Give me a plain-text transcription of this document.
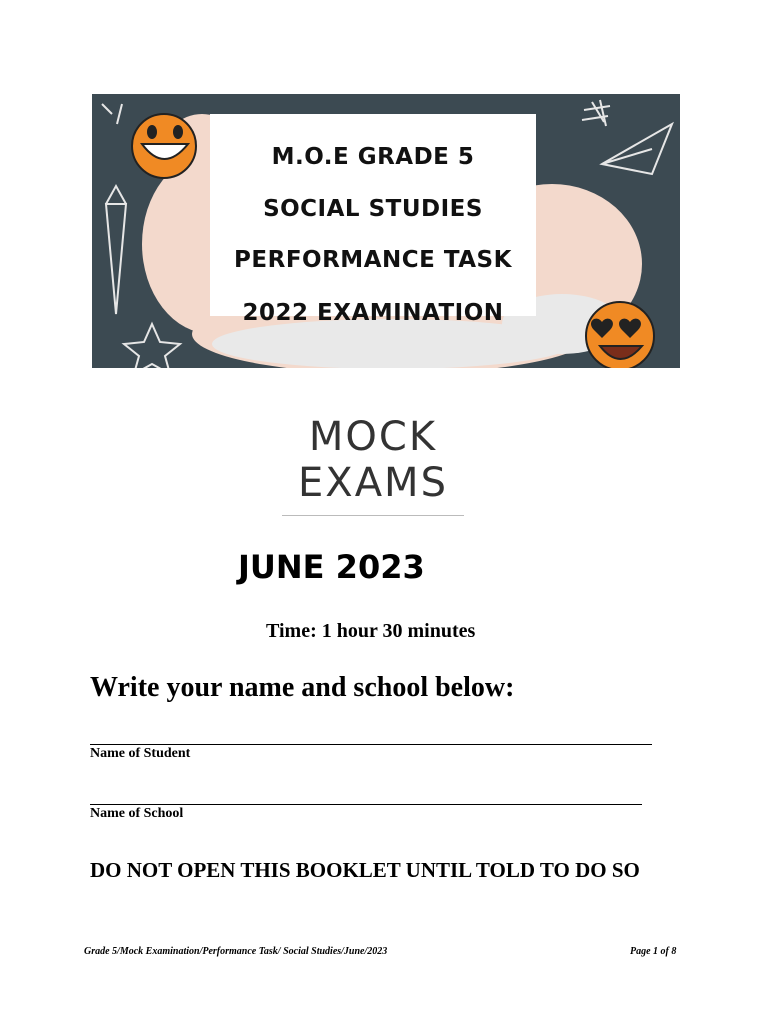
M.O.E GRADE 5
SOCIAL STUDIES
PERFORMANCE TASK
2022 EXAMINATION
MOCK
EXAMS
JUNE 2023
Time: 1 hour 30 minutes
Write your name and school below:
Name of Student
Name of School
DO NOT OPEN THIS BOOKLET UNTIL TOLD TO DO SO
Grade 5/Mock Examination/Performance Task/ Social Studies/June/2023	Page 1 of 8
